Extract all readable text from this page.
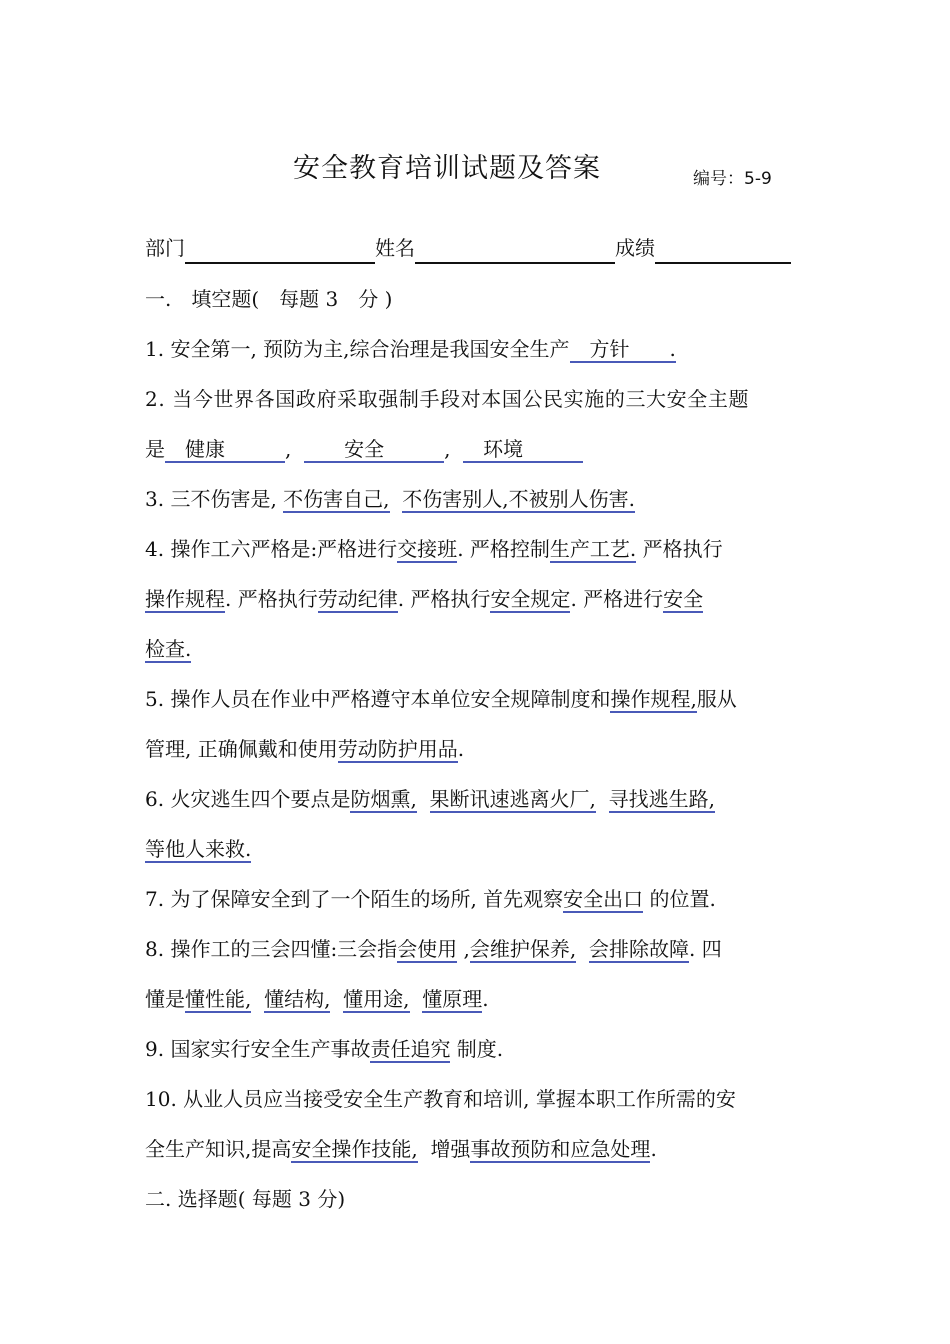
安全教育培训试题及答案	编号：5-9
部门	姓名	成绩
一.　填空题(　每题 3　分 )
1. 安全第一, 预防为主,综合治理是我国安全生产　方针　　.
2. 当今世界各国政府采取强制手段对本国公民实施的三大安全主题
是　健康　　　,  　　安全　　　,  　环境　　　
3. 三不伤害是, 不伤害自己, 不伤害别人,不被别人伤害.
4. 操作工六严格是:严格进行交接班. 严格控制生产工艺. 严格执行
操作规程. 严格执行劳动纪律. 严格执行安全规定. 严格进行安全
检查.
5. 操作人员在作业中严格遵守本单位安全规障制度和操作规程,服从
管理, 正确佩戴和使用劳动防护用品.
6. 火灾逃生四个要点是防烟熏, 果断讯速逃离火厂, 寻找逃生路,
等他人来救.
7. 为了保障安全到了一个陌生的场所, 首先观察安全出口 的位置.
8. 操作工的三会四懂:三会指会使用 ,会维护保养, 会排除故障. 四
懂是懂性能, 懂结构, 懂用途, 懂原理.
9. 国家实行安全生产事故责任追究 制度.
10. 从业人员应当接受安全生产教育和培训, 掌握本职工作所需的安
全生产知识,提高安全操作技能, 增强事故预防和应急处理.
二. 选择题( 每题 3 分)
